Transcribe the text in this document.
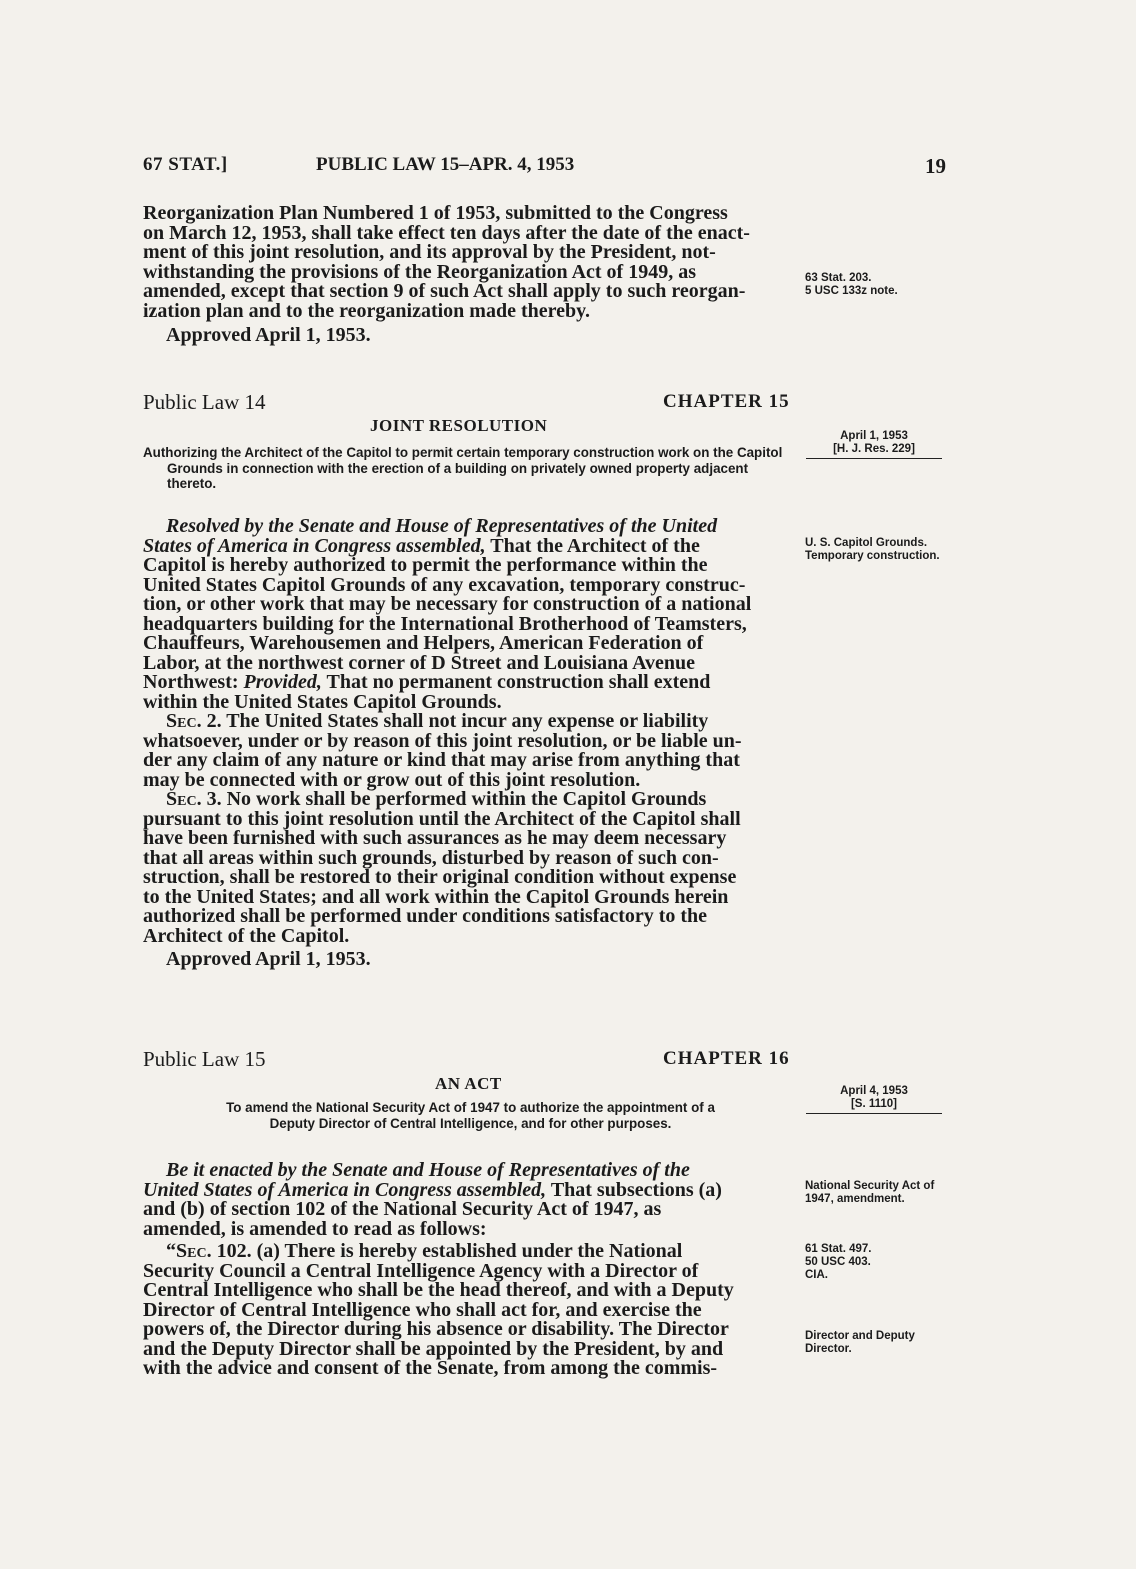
67 STAT.]	PUBLIC LAW 15–APR. 4, 1953	19
Reorganization Plan Numbered 1 of 1953, submitted to the Congress
on March 12, 1953, shall take effect ten days after the date of the enact-
ment of this joint resolution, and its approval by the President, not-
withstanding the provisions of the Reorganization Act of 1949, as
amended, except that section 9 of such Act shall apply to such reorgan-
ization plan and to the reorganization made thereby.
Approved April 1, 1953.
63 Stat. 203.
5 USC 133z note.
Public Law 14	CHAPTER 15
JOINT RESOLUTION

Authorizing the Architect of the Capitol to permit certain temporary construction work on the Capitol Grounds in connection with the erection of a building on privately owned property adjacent thereto.

April 1, 1953
[H. J. Res. 229]
Resolved by the Senate and House of Representatives of the United
States of America in Congress assembled, That the Architect of the
Capitol is hereby authorized to permit the performance within the
United States Capitol Grounds of any excavation, temporary construc-
tion, or other work that may be necessary for construction of a national
headquarters building for the International Brotherhood of Teamsters,
Chauffeurs, Warehousemen and Helpers, American Federation of
Labor, at the northwest corner of D Street and Louisiana Avenue
Northwest: Provided, That no permanent construction shall extend
within the United States Capitol Grounds.
Sec. 2. The United States shall not incur any expense or liability
whatsoever, under or by reason of this joint resolution, or be liable un-
der any claim of any nature or kind that may arise from anything that
may be connected with or grow out of this joint resolution.
Sec. 3. No work shall be performed within the Capitol Grounds
pursuant to this joint resolution until the Architect of the Capitol shall
have been furnished with such assurances as he may deem necessary
that all areas within such grounds, disturbed by reason of such con-
struction, shall be restored to their original condition without expense
to the United States; and all work within the Capitol Grounds herein
authorized shall be performed under conditions satisfactory to the
Architect of the Capitol.
Approved April 1, 1953.
U. S. Capitol Grounds.
Temporary construction.
Public Law 15	CHAPTER 16
AN ACT
To amend the National Security Act of 1947 to authorize the appointment of a
Deputy Director of Central Intelligence, and for other purposes.
April 4, 1953
[S. 1110]
Be it enacted by the Senate and House of Representatives of the
United States of America in Congress assembled, That subsections (a)
and (b) of section 102 of the National Security Act of 1947, as
amended, is amended to read as follows:
“Sec. 102. (a) There is hereby established under the National
Security Council a Central Intelligence Agency with a Director of
Central Intelligence who shall be the head thereof, and with a Deputy
Director of Central Intelligence who shall act for, and exercise the
powers of, the Director during his absence or disability. The Director
and the Deputy Director shall be appointed by the President, by and
with the advice and consent of the Senate, from among the commis-
National Security Act of 1947, amendment.
61 Stat. 497.
50 USC 403.
CIA.
Director and Deputy Director.
